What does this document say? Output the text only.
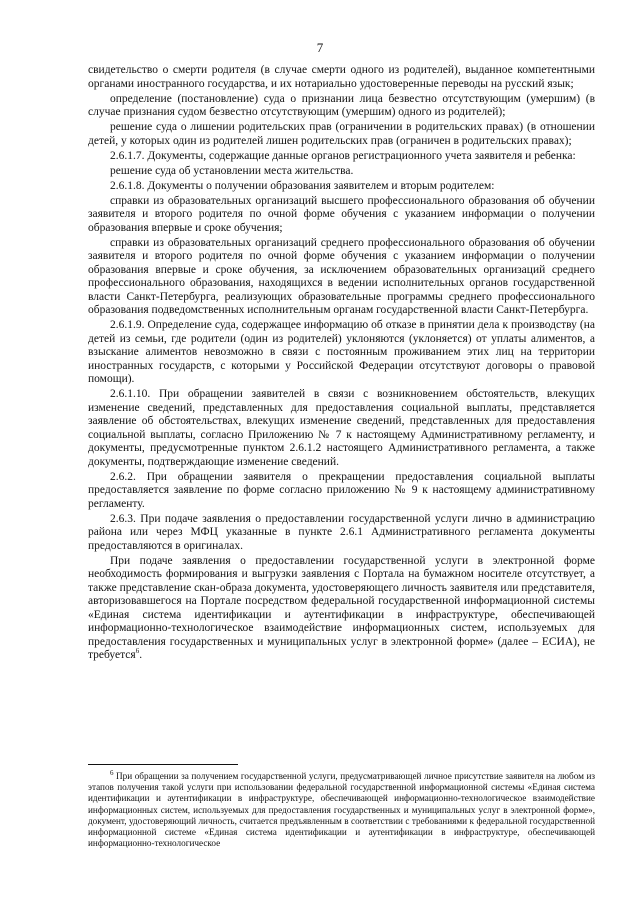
7

свидетельство о смерти родителя (в случае смерти одного из родителей), выданное компетентными органами иностранного государства, и их нотариально удостоверенные переводы на русский язык;

определение (постановление) суда о признании лица безвестно отсутствующим (умершим) (в случае признания судом безвестно отсутствующим (умершим) одного из родителей);

решение суда о лишении родительских прав (ограничении в родительских правах) (в отношении детей, у которых один из родителей лишен родительских прав (ограничен в родительских правах);

2.6.1.7. Документы, содержащие данные органов регистрационного учета заявителя и ребенка:

решение суда об установлении места жительства.

2.6.1.8. Документы о получении образования заявителем и вторым родителем:

справки из образовательных организаций высшего профессионального образования об обучении заявителя и второго родителя по очной форме обучения с указанием информации о получении образования впервые и сроке обучения;

справки из образовательных организаций среднего профессионального образования об обучении заявителя и второго родителя по очной форме обучения с указанием информации о получении образования впервые и сроке обучения, за исключением образовательных организаций среднего профессионального образования, находящихся в ведении исполнительных органов государственной власти Санкт-Петербурга, реализующих образовательные программы среднего профессионального образования подведомственных исполнительным органам государственной власти Санкт-Петербурга.

2.6.1.9. Определение суда, содержащее информацию об отказе в принятии дела к производству (на детей из семьи, где родители (один из родителей) уклоняются (уклоняется) от уплаты алиментов, а взыскание алиментов невозможно в связи с постоянным проживанием этих лиц на территории иностранных государств, с которыми у Российской Федерации отсутствуют договоры о правовой помощи).

2.6.1.10. При обращении заявителей в связи с возникновением обстоятельств, влекущих изменение сведений, представленных для предоставления социальной выплаты, представляется заявление об обстоятельствах, влекущих изменение сведений, представленных для предоставления социальной выплаты, согласно Приложению № 7 к настоящему Административному регламенту, и документы, предусмотренные пунктом 2.6.1.2 настоящего Административного регламента, а также документы, подтверждающие изменение сведений.

2.6.2. При обращении заявителя о прекращении предоставления социальной выплаты предоставляется заявление по форме согласно приложению № 9 к настоящему административному регламенту.

2.6.3. При подаче заявления о предоставлении государственной услуги лично в администрацию района или через МФЦ указанные в пункте 2.6.1 Административного регламента документы предоставляются в оригиналах.

При подаче заявления о предоставлении государственной услуги в электронной форме необходимость формирования и выгрузки заявления с Портала на бумажном носителе отсутствует, а также представление скан-образа документа, удостоверяющего личность заявителя или представителя, авторизовавшегося на Портале посредством федеральной государственной информационной системы «Единая система идентификации и аутентификации в инфраструктуре, обеспечивающей информационно-технологическое взаимодействие информационных систем, используемых для предоставления государственных и муниципальных услуг в электронной форме» (далее – ЕСИА), не требуется$^6$.

$^6$ При обращении за получением государственной услуги, предусматривающей личное присутствие заявителя на любом из этапов получения такой услуги при использовании федеральной государственной информационной системы «Единая система идентификации и аутентификации в инфраструктуре, обеспечивающей информационно-технологическое взаимодействие информационных систем, используемых для предоставления государственных и муниципальных услуг в электронной форме», документ, удостоверяющий личность, считается предъявленным в соответствии с требованиями к федеральной государственной информационной системе «Единая система идентификации и аутентификации в инфраструктуре, обеспечивающей информационно-технологическое
